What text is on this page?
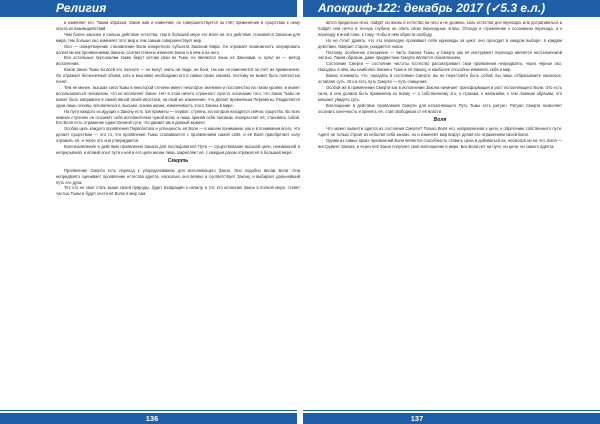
Религия	Апокриф-122: декабрь 2017 (✓5.3 е.л.)

и изменяет его. Таким образом, Закон жив и изменчив; он совершенствуется за счёт применения в существах к нему опыта их взаимодействий.

Чем более законен и сильна действие естества, тем в большей мере его Воля на это действие становится Законом для мира, тем больше оно изменяет этот мир и тем самым совершенствует мир.

Оно — олицетворение становления Воли конкретного субъекта Законом Мира. Он отражает возможность оперировать аспектом как проявлениями Закона, соответственно изменяя Закон и в нём и на него.

Все остальные персоналии также берут истоки свои во Тьме, но являются лишь её Законами, и, культ их — метод исполнения.

Каков Закон Тьмы во всей его полноте — не могут знать ни люди, ни боги, так как он изменяется за счёт их применения. Он отражает бесконечный объём, хоть и мыслимо необходимо его в самых своих законах, поэтому не может быть полностью понят.

Тем не менее, высшая сила Тьмы в некоторой степени имеет некоторое значение и постоянство на таком уровне, и может использоваться человеком, что не исполняет Закон. Нет в этом ничего странного: просто осознание того, что Закон Тьмы не может быть направлен в самой явной своей ипостаси, на свой же изменение, что делает временным Перемены. Разделяется одни лишь основы человеческого, высшее основа жизни, изменчивость этого Закона в мире.

На пути каждого из идущих к Закону есть три приметы — первое: ступень, на которой находится сейчас существо. Во всех нижних ступенях он осознаёт себя исполнителем чужой воли, и лишь приняв себя таковым, перерастает её, становясь собой. Его Воля есть отражение единственной сути, что движет им в данный момент.

Особая цель каждого проявления Первопотока и успешность её Воли — в нашем понимании, как и в понимании всего, что делает существом — это то, что проявление Тьмы сталкивается с проявлением самой себя, и её Воля приобретает силу отражать её, и через это она утверждается.

Волеизъявление в действии проявления Закона для последователя Пути — существование высшей цели, неизменной и непрерывной, и всякий опыт пути к ней и его цели жизни лишь закрепляет её, с каждым разом отражая её в большей мере.

Смерть

Проявление Смерти есть переход к упорядочиванию для исполняющего Закон. Оно подобно весам Воли. Она непредвзято оценивает проявление естества адепта, насколько оно велико и соответствует Закону, и выбирает дальнейший путь его духа.

Тот, кто не смог стать выше своей природы, будет возвращён к началу, а тот, кто исполнил Закон в полной мере, станет частью Тьмы и будет нести её Волю в мир сам.

вится придельно ясно, пойдёт ли жизнь в естество на него и не уровень, коль естества для перехода, или дотрагиваться и пойдёт или нечто в тесную глубину он опять свою переходные этапы. Отсюда и стремление к осознанию перехода, и к переходу в иной план, к тому, чтобы в нём обрести свободу.

Но не стоит думать, что это переходно проживает себя единожды за цикл: оно проходит в каждом выборе, в каждом действии. Умирает старое, рождается новое.

Поэтому, особенное отношение — часть Закона Тьмы, и Смерть как её инструмент перехода является неотъемлемой частью. Таким образом, даже предвестник Смерти является обновлением.

Состояние Смерти — состояние чистоты. Естество рассматривает свои проявления непредвзято, через чёрное око. Находясь в нём, мы наиболее близки к Тьме и её Закону, и наиболее способны изменить себя и мир.

Важно понимать, что, находясь в состоянии Смерти, вы не перестаёте быть собой; вы лишь отбрасываете наносное, оставляя суть. Это и есть путь Смерти — путь очищения.

Особой же в применении Смерти как в исполнении Закона начинает трансформация и рост исполняющего Воли. Это есть сила, и она должна быть применена ко всему — к собственному эго, к страхам, к желаниям, к тем ложным образам, что мешают увидеть суть.

Воплощение в действие проявления Смерти для исполняющего Путь Тьмы есть ритуал. Ритуал Смерти позволяет осознать конечность и принять её, став свободным от её власти.

Воля

Что может вывести адепта из состояния Смерти? Только Воля его, направленная к цели, к обретению собственного пути. Адепт не только строит из небытия себя заново, но и изменяет мир вокруг, делая его отражением своей Воли.

Одним из самых ярких проявлений Воли является способность ставить цели и добиваться их, несмотря ни на что. Воля — инструмент Закона, и через неё Закон получает своё воплощение в мире. Без Воли нет ни пути, ни цели, ни самого адепта.

136	137
